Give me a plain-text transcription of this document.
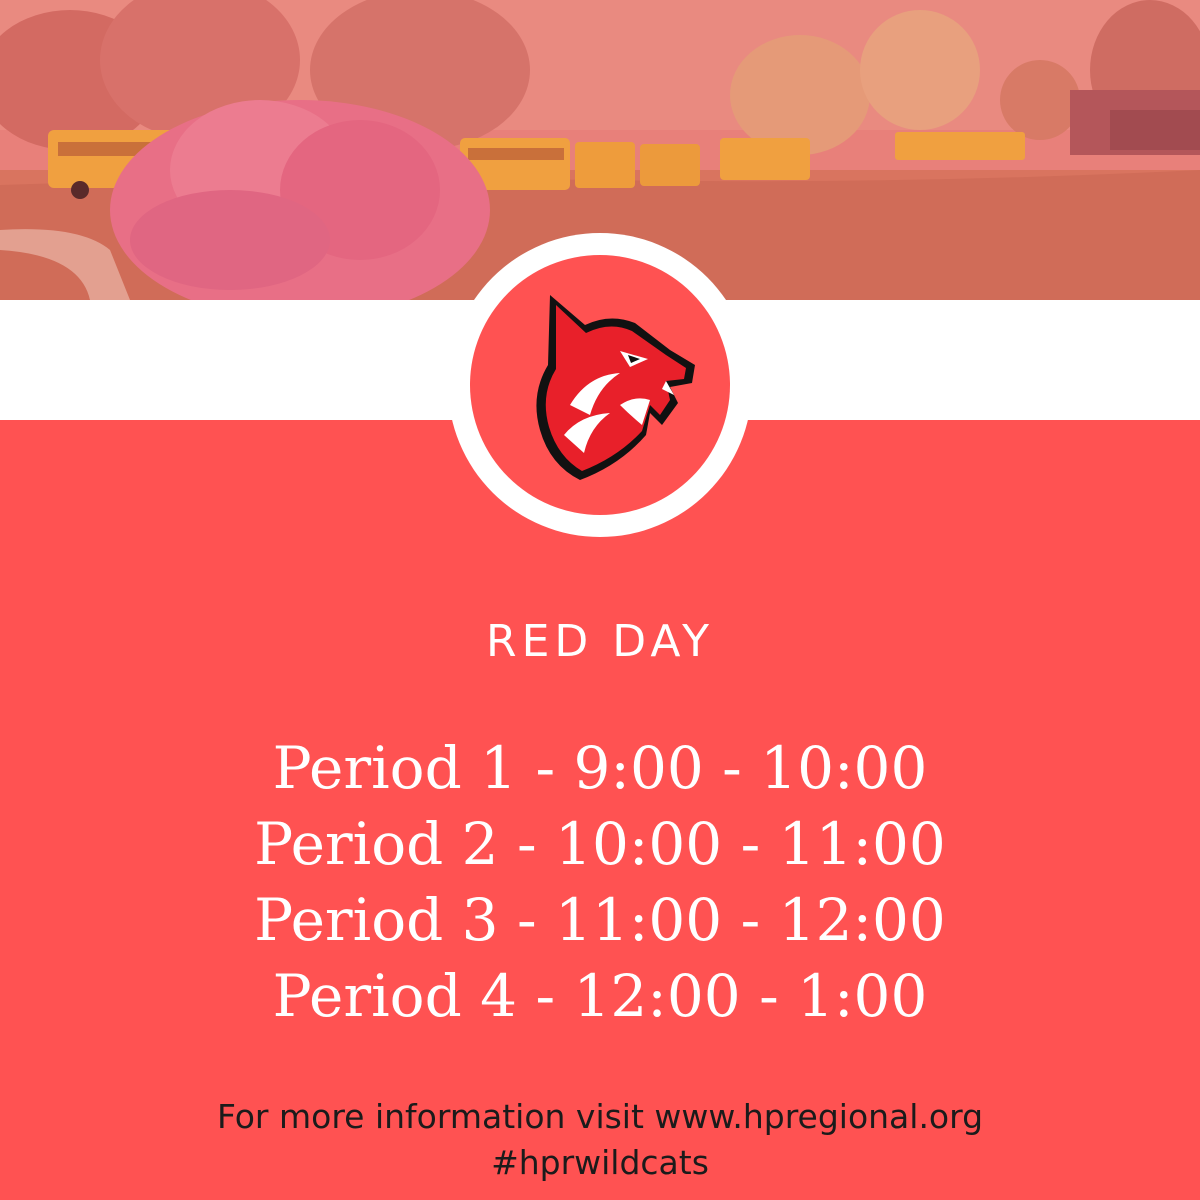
RED DAY
Period 1 - 9:00 - 10:00
Period 2 - 10:00 - 11:00
Period 3 - 11:00 - 12:00
Period 4 - 12:00 - 1:00
For more information visit www.hpregional.org
#hprwildcats
